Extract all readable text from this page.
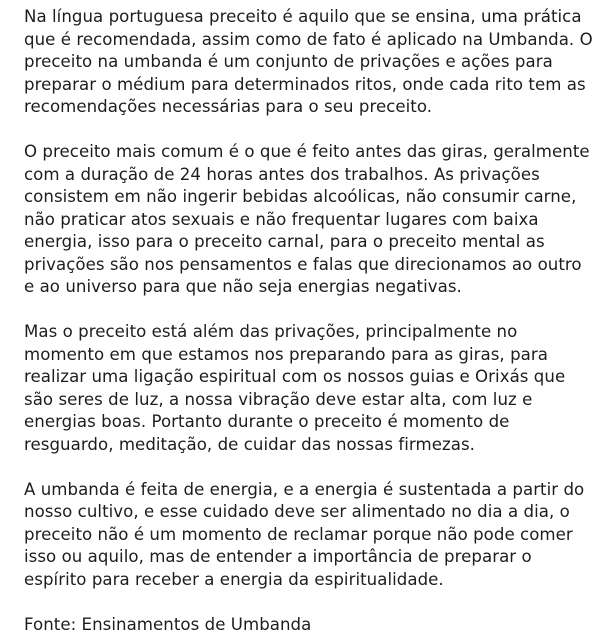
Na língua portuguesa preceito é aquilo que se ensina, uma prática
que é recomendada, assim como de fato é aplicado na Umbanda. O
preceito na umbanda é um conjunto de privações e ações para
preparar o médium para determinados ritos, onde cada rito tem as
recomendações necessárias para o seu preceito.

O preceito mais comum é o que é feito antes das giras, geralmente
com a duração de 24 horas antes dos trabalhos. As privações
consistem em não ingerir bebidas alcoólicas, não consumir carne,
não praticar atos sexuais e não frequentar lugares com baixa
energia, isso para o preceito carnal, para o preceito mental as
privações são nos pensamentos e falas que direcionamos ao outro
e ao universo para que não seja energias negativas.

Mas o preceito está além das privações, principalmente no
momento em que estamos nos preparando para as giras, para
realizar uma ligação espiritual com os nossos guias e Orixás que
são seres de luz, a nossa vibração deve estar alta, com luz e
energias boas. Portanto durante o preceito é momento de
resguardo, meditação, de cuidar das nossas firmezas.

A umbanda é feita de energia, e a energia é sustentada a partir do
nosso cultivo, e esse cuidado deve ser alimentado no dia a dia, o
preceito não é um momento de reclamar porque não pode comer
isso ou aquilo, mas de entender a importância de preparar o
espírito para receber a energia da espiritualidade.

Fonte: Ensinamentos de Umbanda
